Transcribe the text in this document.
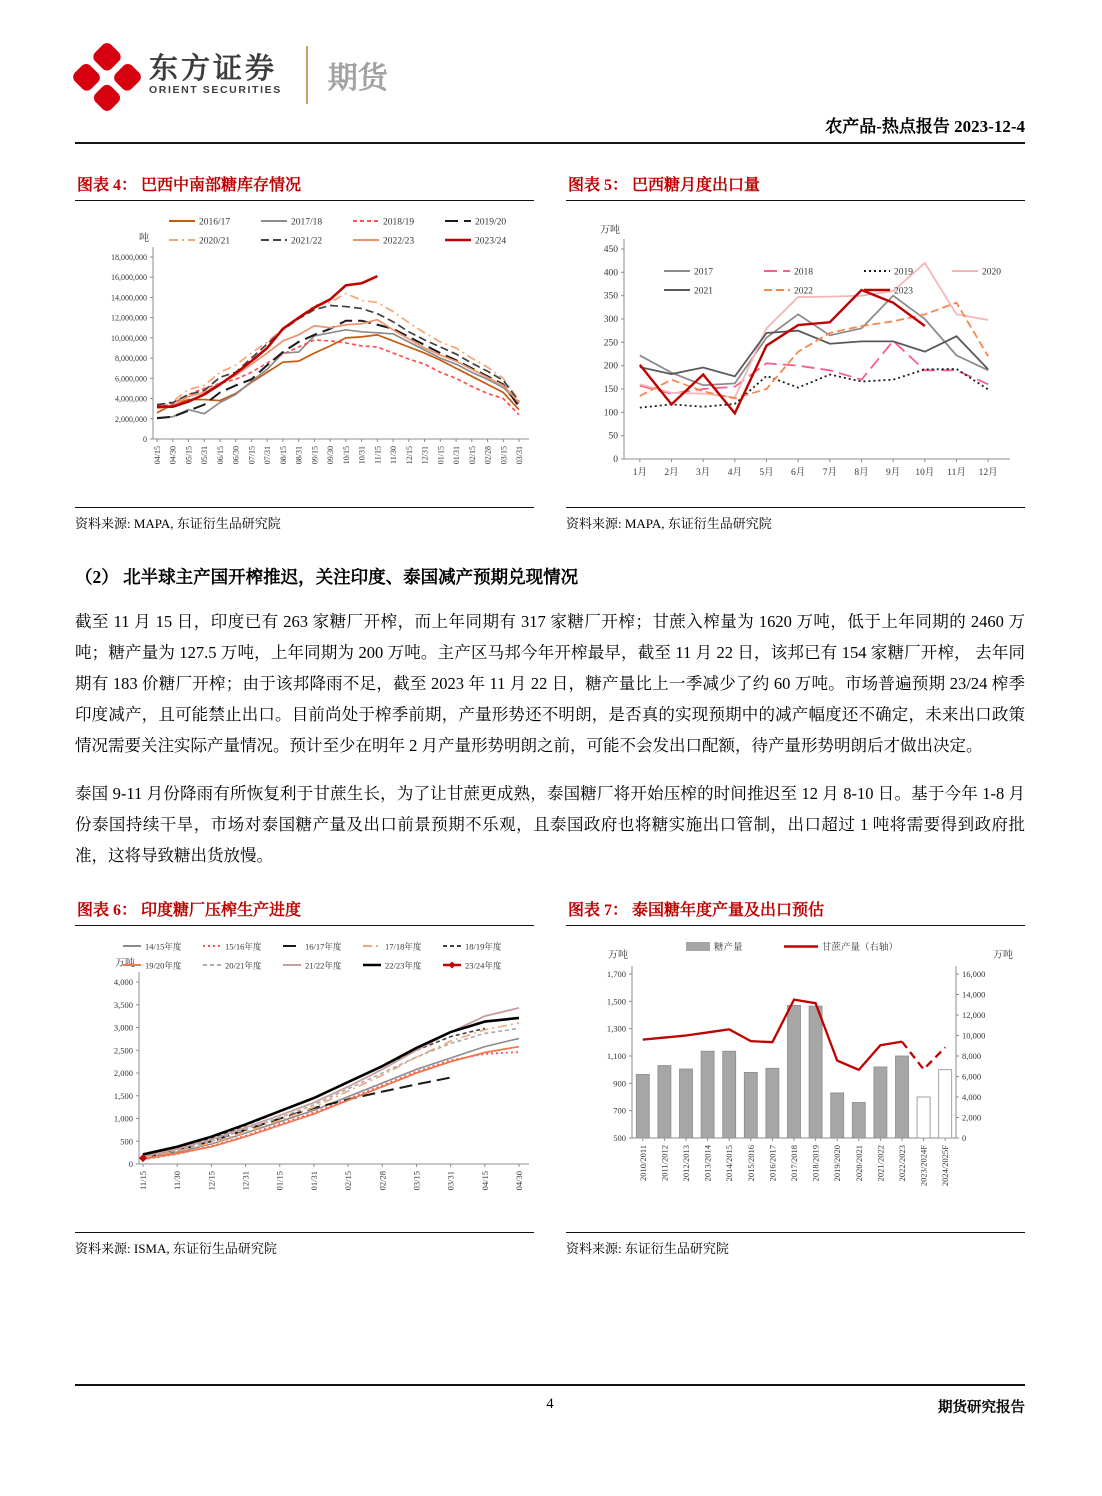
东方证券
ORIENT SECURITIES 期货
农产品-热点报告 2023-12-4
图表 4： 巴西中南部糖库存情况
0
2,000,000
4,000,000
6,000,000
8,000,000
10,000,000
12,000,000
14,000,000
16,000,000
18,000,000
04/15 04/30 05/15 05/31 06/15 06/30 07/15 07/31 08/15 08/31 09/15 09/30 10/15 10/31 11/15 11/30 12/15 12/31 01/15 01/31 02/15 02/28 03/15 03/31
吨
2016/17	2017/18	2018/19	2019/20
2020/21	2021/22	2022/23	2023/24
资料来源: MAPA, 东证衍生品研究院
图表 5： 巴西糖月度出口量
0
50
100
150
200
250
300
350
400
450
1月 2月 3月 4月 5月 6月 7月 8月 9月 10月 11月 12月
万吨
2017	2018	2019	2020
2021	2022	2023
资料来源: MAPA, 东证衍生品研究院
（2） 北半球主产国开榨推迟，关注印度、泰国减产预期兑现情况
截至 11 月 15 日，印度已有 263 家糖厂开榨，而上年同期有 317 家糖厂开榨；甘蔗入榨量为 1620 万吨，低于上年同期的 2460 万吨；糖产量为 127.5 万吨，上年同期为 200 万吨。主产区马邦今年开榨最早，截至 11 月 22 日，该邦已有 154 家糖厂开榨， 去年同期有 183 价糖厂开榨；由于该邦降雨不足，截至 2023 年 11 月 22 日，糖产量比上一季减少了约 60 万吨。市场普遍预期 23/24 榨季印度减产，且可能禁止出口。目前尚处于榨季前期，产量形势还不明朗，是否真的实现预期中的减产幅度还不确定，未来出口政策情况需要关注实际产量情况。预计至少在明年 2 月产量形势明朗之前，可能不会发出口配额，待产量形势明朗后才做出决定。
泰国 9-11 月份降雨有所恢复利于甘蔗生长，为了让甘蔗更成熟，泰国糖厂将开始压榨的时间推迟至 12 月 8-10 日。基于今年 1-8 月份泰国持续干旱，市场对泰国糖产量及出口前景预期不乐观，且泰国政府也将糖实施出口管制，出口超过 1 吨将需要得到政府批准，这将导致糖出货放慢。
图表 6： 印度糖厂压榨生产进度
0
500
1,000
1,500
2,000
2,500
3,000
3,500
4,000
11/15	11/30	12/15	12/31	01/15	01/31	02/15	02/28	03/15	03/31	04/15	04/30
万吨
14/15年度	15/16年度	16/17年度	17/18年度	18/19年度
19/20年度	20/21年度	21/22年度	22/23年度	23/24年度
资料来源: ISMA, 东证衍生品研究院
图表 7： 泰国糖年度产量及出口预估
500
700
900
1,100
1,300
1,500
1,700
0
2,000
4,000
6,000
8,000
10,000
12,000
14,000
16,000
2010/2011 2011/2012 2012/2013 2013/2014 2014/2015 2015/2016 2016/2017 2017/2018 2018/2019 2019/2020 2020/2021 2021/2022 2022/2023 2023/2024F 2024/2025F
万吨	万吨
糖产量	甘蔗产量（右轴）
资料来源: 东证衍生品研究院
4	期货研究报告
